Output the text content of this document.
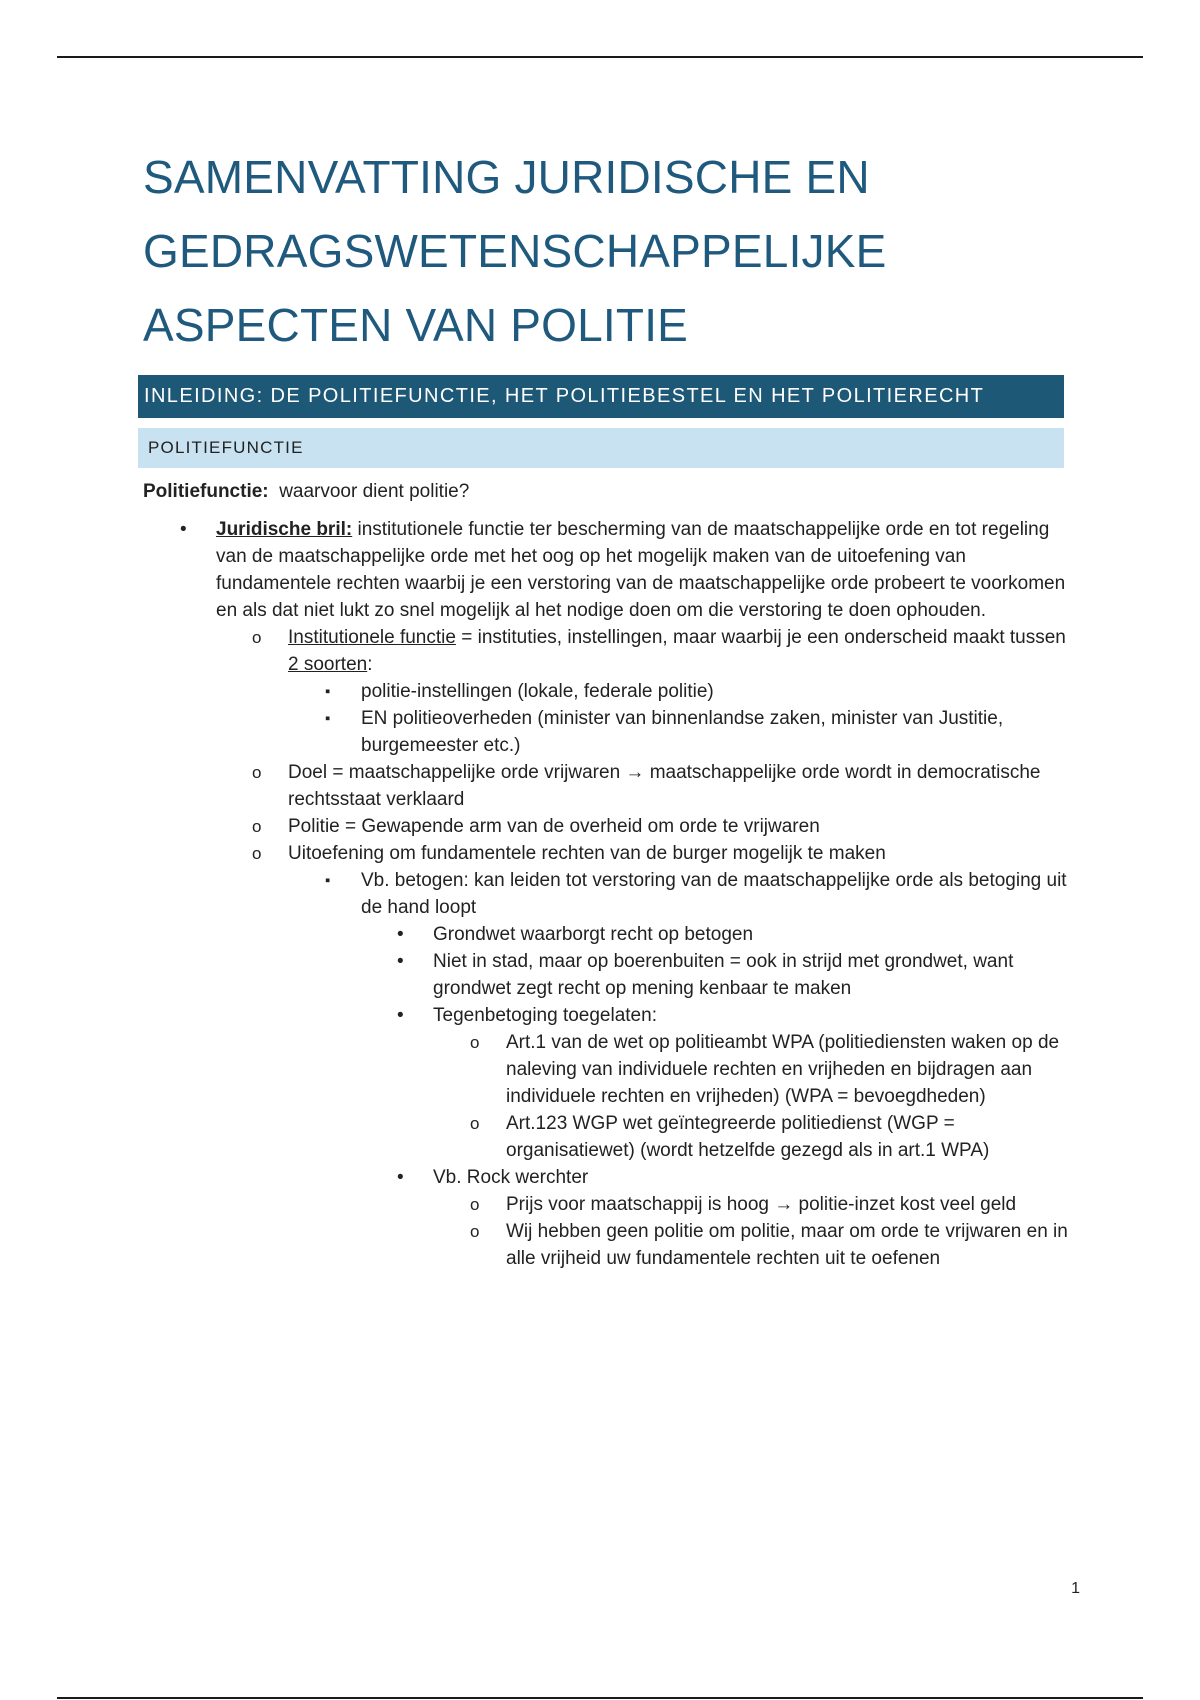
SAMENVATTING JURIDISCHE EN
GEDRAGSWETENSCHAPPELIJKE
ASPECTEN VAN POLITIE
INLEIDING: DE POLITIEFUNCTIE, HET POLITIEBESTEL EN HET POLITIERECHT
POLITIEFUNCTIE
Politiefunctie: waarvoor dient politie?
• Juridische bril: institutionele functie ter bescherming van de maatschappelijke orde en tot regeling van de maatschappelijke orde met het oog op het mogelijk maken van de uitoefening van fundamentele rechten waarbij je een verstoring van de maatschappelijke orde probeert te voorkomen en als dat niet lukt zo snel mogelijk al het nodige doen om die verstoring te doen ophouden.
o Institutionele functie = instituties, instellingen, maar waarbij je een onderscheid maakt tussen 2 soorten:
▪ politie-instellingen (lokale, federale politie)
▪ EN politieoverheden (minister van binnenlandse zaken, minister van Justitie, burgemeester etc.)
o Doel = maatschappelijke orde vrijwaren → maatschappelijke orde wordt in democratische rechtsstaat verklaard
o Politie = Gewapende arm van de overheid om orde te vrijwaren
o Uitoefening om fundamentele rechten van de burger mogelijk te maken
▪ Vb. betogen: kan leiden tot verstoring van de maatschappelijke orde als betoging uit de hand loopt
• Grondwet waarborgt recht op betogen
• Niet in stad, maar op boerenbuiten = ook in strijd met grondwet, want grondwet zegt recht op mening kenbaar te maken
• Tegenbetoging toegelaten:
o Art.1 van de wet op politieambt WPA (politiediensten waken op de naleving van individuele rechten en vrijheden en bijdragen aan individuele rechten en vrijheden) (WPA = bevoegdheden)
o Art.123 WGP wet geïntegreerde politiedienst (WGP = organisatiewet) (wordt hetzelfde gezegd als in art.1 WPA)
• Vb. Rock werchter
o Prijs voor maatschappij is hoog → politie-inzet kost veel geld
o Wij hebben geen politie om politie, maar om orde te vrijwaren en in alle vrijheid uw fundamentele rechten uit te oefenen
1
